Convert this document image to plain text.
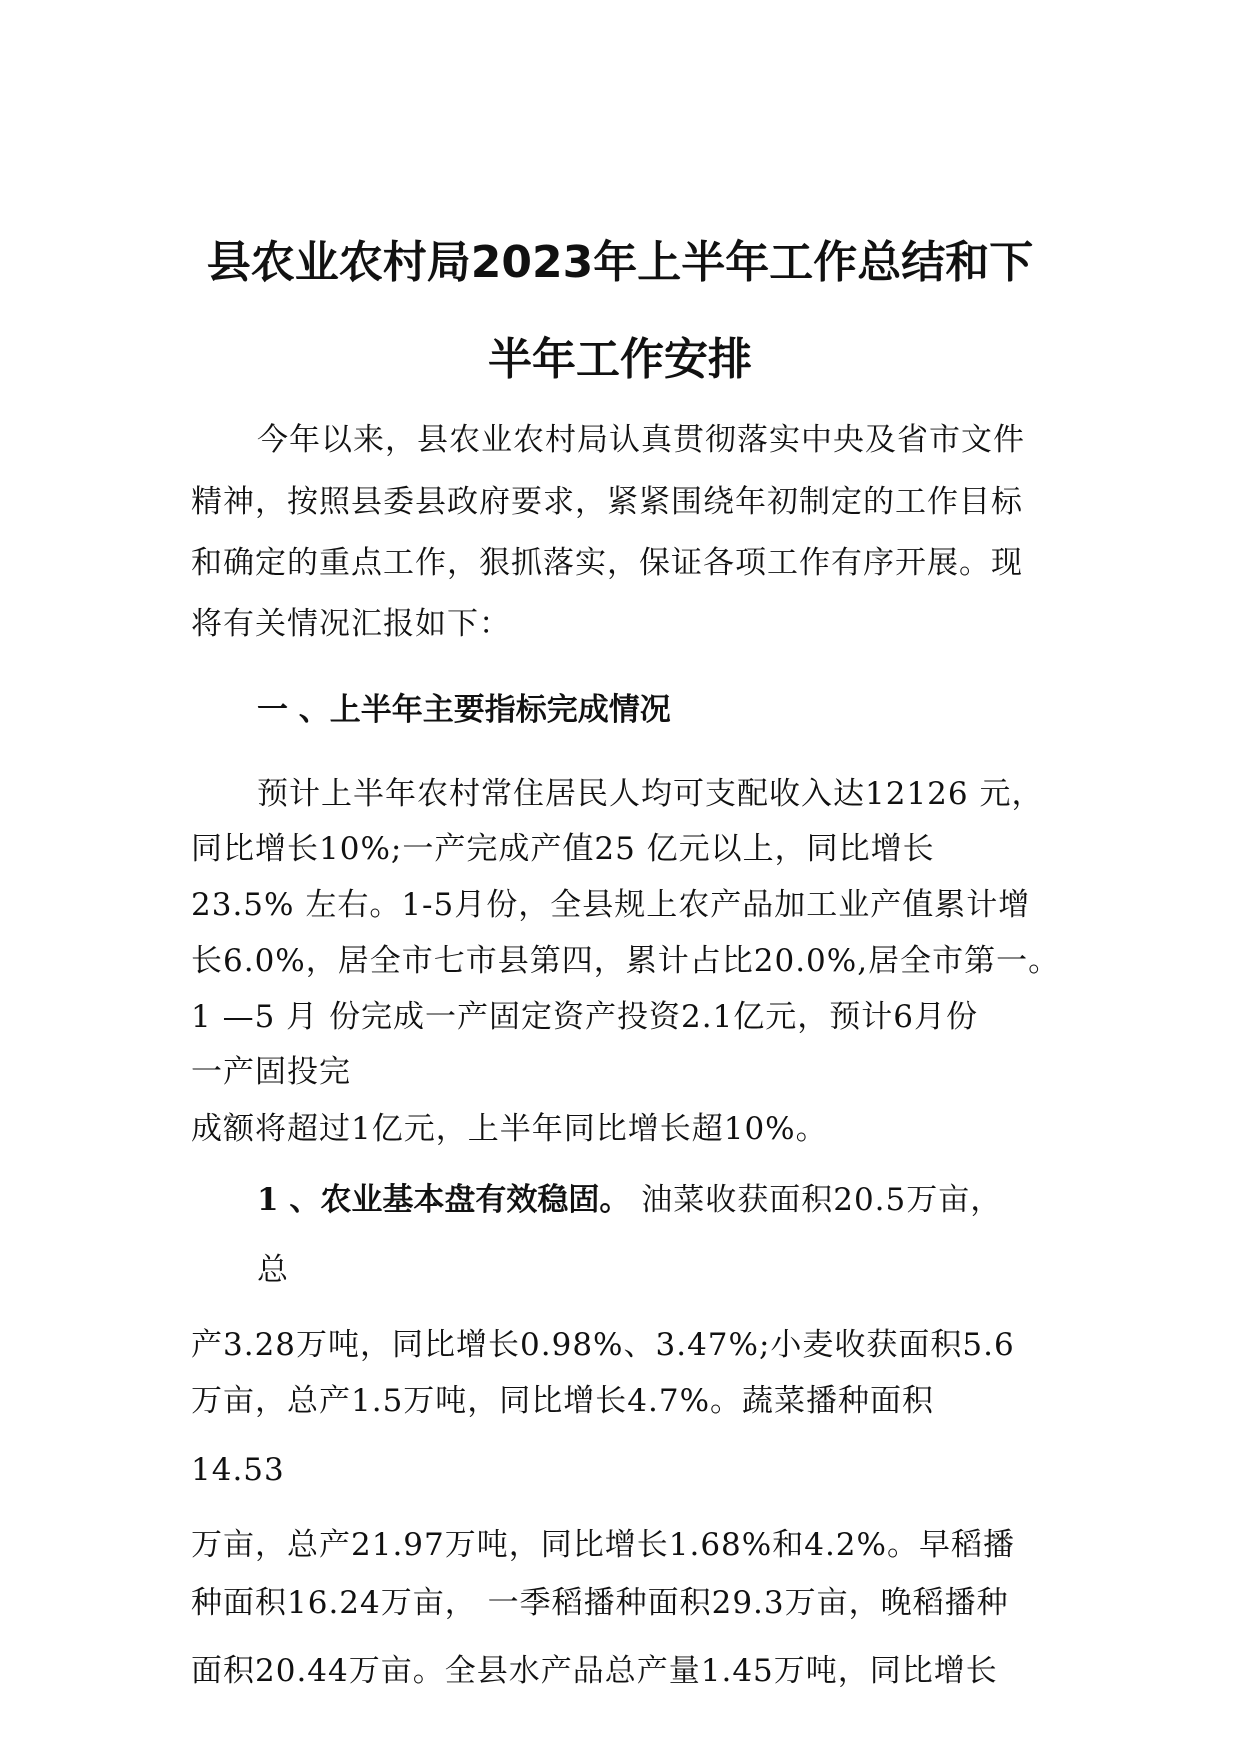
县农业农村局2023年上半年工作总结和下
半年工作安排

今年以来，县农业农村局认真贯彻落实中央及省市文件

精神，按照县委县政府要求，紧紧围绕年初制定的工作目标

和确定的重点工作，狠抓落实，保证各项工作有序开展。现

将有关情况汇报如下：

一 、上半年主要指标完成情况

预计上半年农村常住居民人均可支配收入达12126 元，

同比增长10%;一产完成产值25 亿元以上，同比增长

23.5% 左右。1-5月份，全县规上农产品加工业产值累计增

长6.0%，居全市七市县第四，累计占比20.0%,居全市第一。

1 —5 月 份完成一产固定资产投资2.1亿元，预计6月份

一产固投完

成额将超过1亿元，上半年同比增长超10%。

1 、农业基本盘有效稳固。 油菜收获面积20.5万亩，

总

产3.28万吨，同比增长0.98%、3.47%;小麦收获面积5.6

万亩，总产1.5万吨，同比增长4.7%。蔬菜播种面积

14.53

万亩，总产21.97万吨，同比增长1.68%和4.2%。早稻播

种面积16.24万亩， 一季稻播种面积29.3万亩，晚稻播种

面积20.44万亩。全县水产品总产量1.45万吨，同比增长
